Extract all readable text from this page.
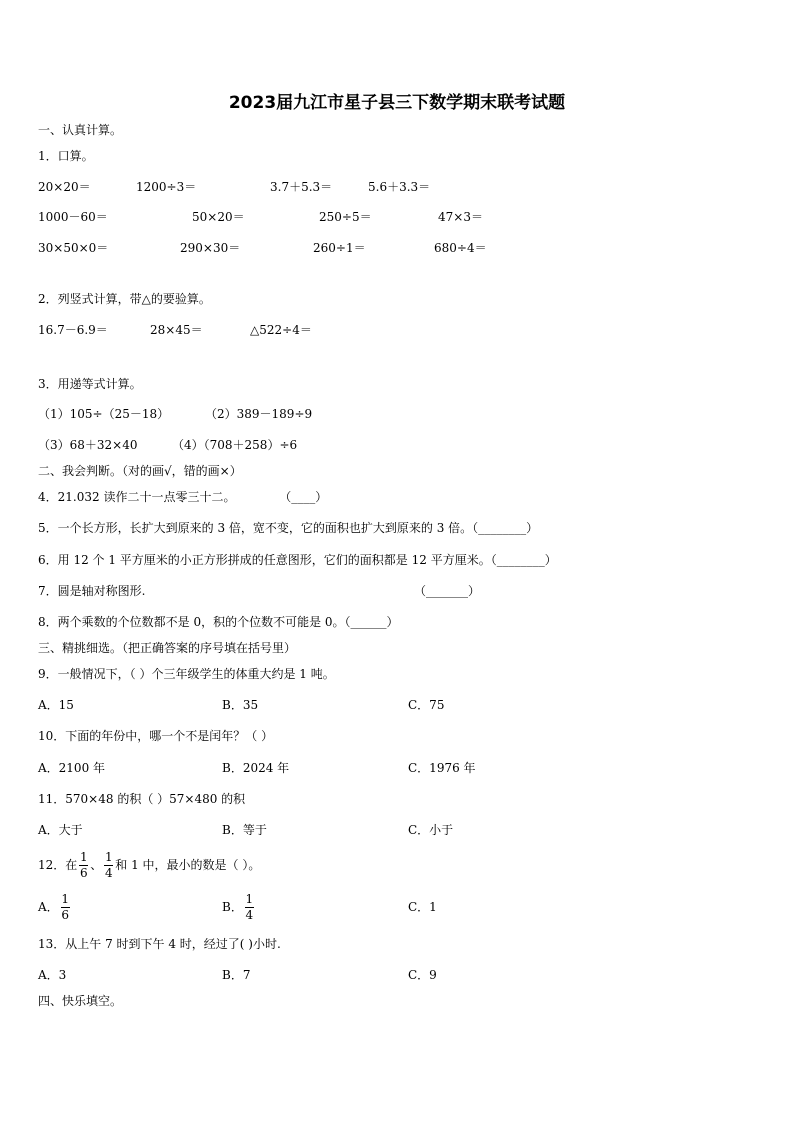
2023届九江市星子县三下数学期末联考试题
一、认真计算。
1．口算。
20×20＝	1200÷3＝	3.7＋5.3＝	5.6＋3.3＝
1000－60＝	50×20＝	250÷5＝	47×3＝
30×50×0＝	290×30＝	260÷1＝	680÷4＝
2．列竖式计算，带△的要验算。
16.7－6.9＝	28×45＝	△522÷4＝
3．用递等式计算。
（1）105÷（25－18）	（2）389－189÷9
（3）68＋32×40	（4）（708＋258）÷6
二、我会判断。（对的画√，错的画×）
4．21.032 读作二十一点零三十二。	（____）
5．一个长方形，长扩大到原来的 3 倍，宽不变，它的面积也扩大到原来的 3 倍。（________）
6．用 12 个 1 平方厘米的小正方形拼成的任意图形，它们的面积都是 12 平方厘米。（________）
7．圆是轴对称图形.	（_______）
8．两个乘数的个位数都不是 0，积的个位数不可能是 0。（______）
三、精挑细选。（把正确答案的序号填在括号里）
9．一般情况下，（ ）个三年级学生的体重大约是 1 吨。
A．15	B．35	C．75
10．下面的年份中，哪一个不是闰年？（ ）
A．2100 年	B．2024 年	C．1976 年
11．570×48 的积（ ）57×480 的积
A．大于	B．等于	C．小于
12．在 $\frac{1}{6}$ 、 $\frac{1}{4}$ 和 1 中，最小的数是（ ）。
A． $\frac{1}{6}$	B． $\frac{1}{4}$	C．1
13．从上午 7 时到下午 4 时，经过了( )小时.
A．3	B．7	C．9
四、快乐填空。
